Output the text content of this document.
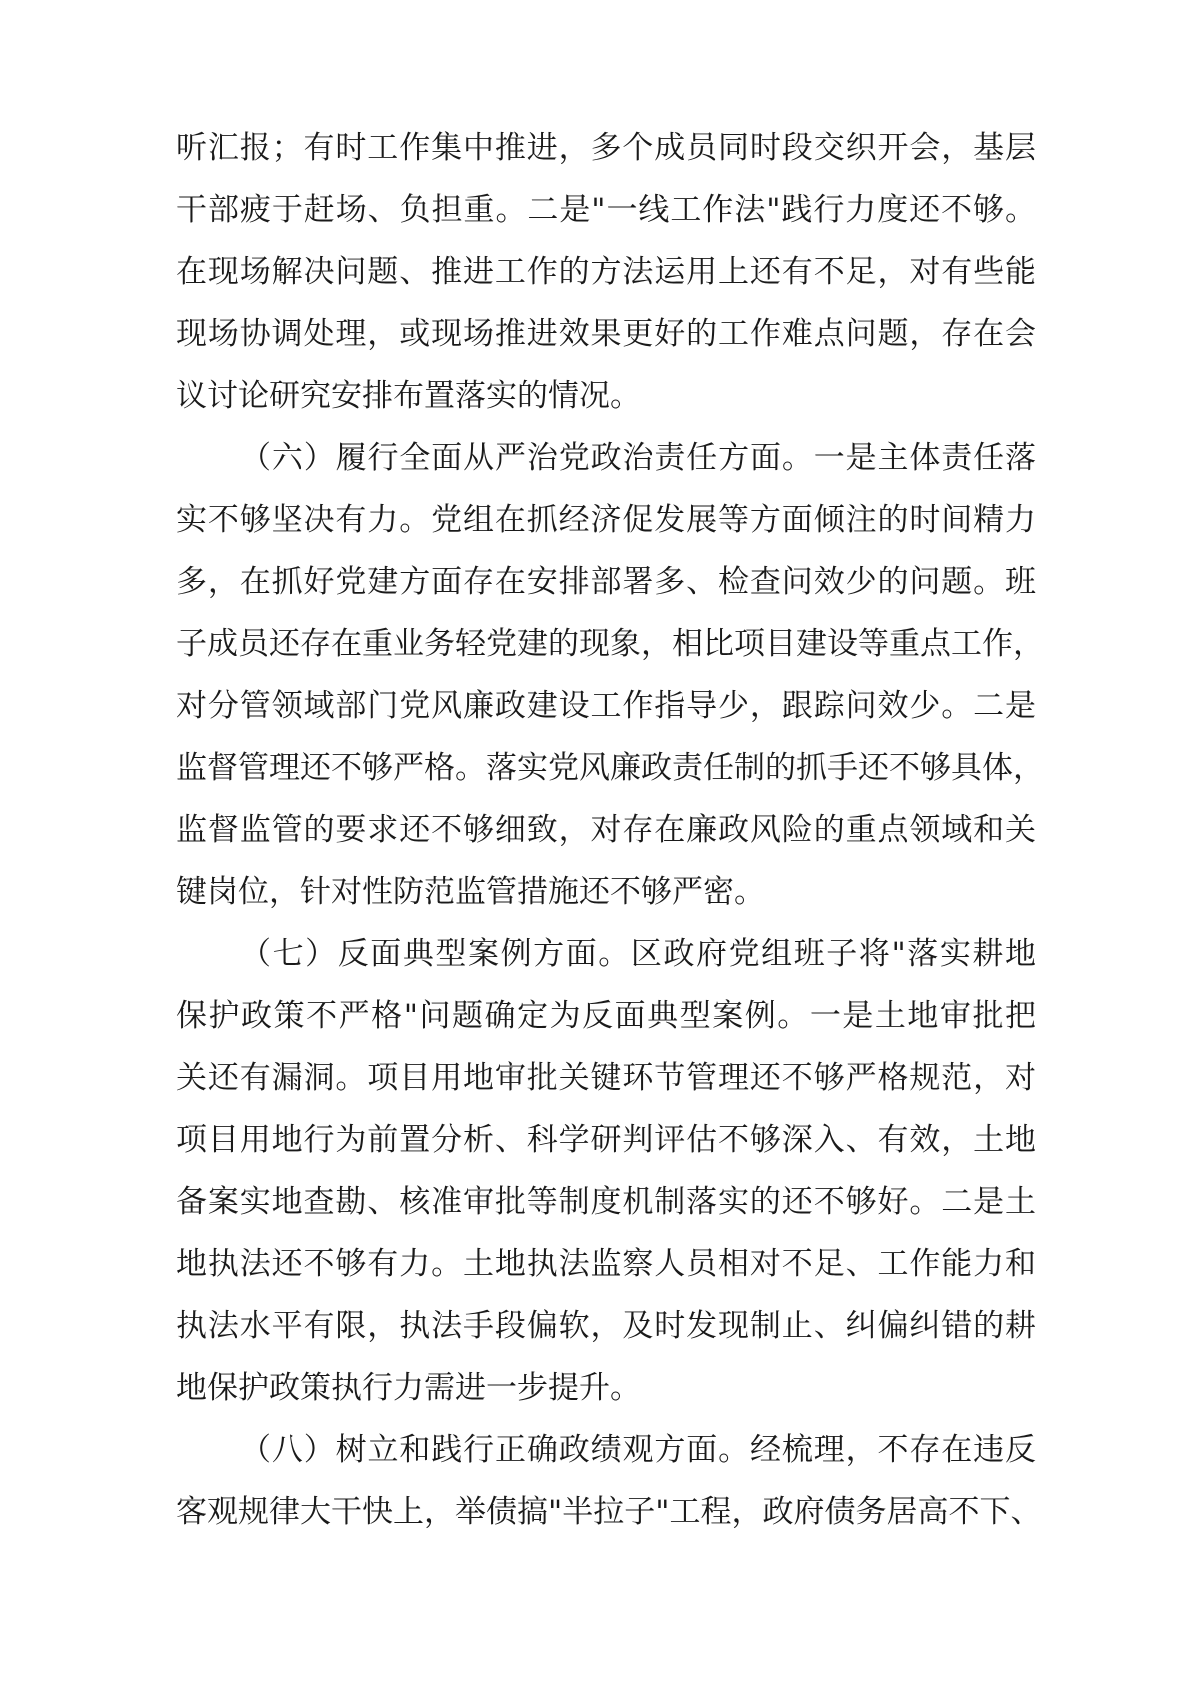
听汇报；有时工作集中推进，多个成员同时段交织开会，基层
干部疲于赶场、负担重。二是"一线工作法"践行力度还不够。
在现场解决问题、推进工作的方法运用上还有不足，对有些能
现场协调处理，或现场推进效果更好的工作难点问题，存在会
议讨论研究安排布置落实的情况。
（六）履行全面从严治党政治责任方面。一是主体责任落
实不够坚决有力。党组在抓经济促发展等方面倾注的时间精力
多，在抓好党建方面存在安排部署多、检查问效少的问题。班
子成员还存在重业务轻党建的现象，相比项目建设等重点工作，
对分管领域部门党风廉政建设工作指导少，跟踪问效少。二是
监督管理还不够严格。落实党风廉政责任制的抓手还不够具体，
监督监管的要求还不够细致，对存在廉政风险的重点领域和关
键岗位，针对性防范监管措施还不够严密。
（七）反面典型案例方面。区政府党组班子将"落实耕地
保护政策不严格"问题确定为反面典型案例。一是土地审批把
关还有漏洞。项目用地审批关键环节管理还不够严格规范，对
项目用地行为前置分析、科学研判评估不够深入、有效，土地
备案实地查勘、核准审批等制度机制落实的还不够好。二是土
地执法还不够有力。土地执法监察人员相对不足、工作能力和
执法水平有限，执法手段偏软，及时发现制止、纠偏纠错的耕
地保护政策执行力需进一步提升。
（八）树立和践行正确政绩观方面。经梳理，不存在违反
客观规律大干快上，举债搞"半拉子"工程，政府债务居高不下、
